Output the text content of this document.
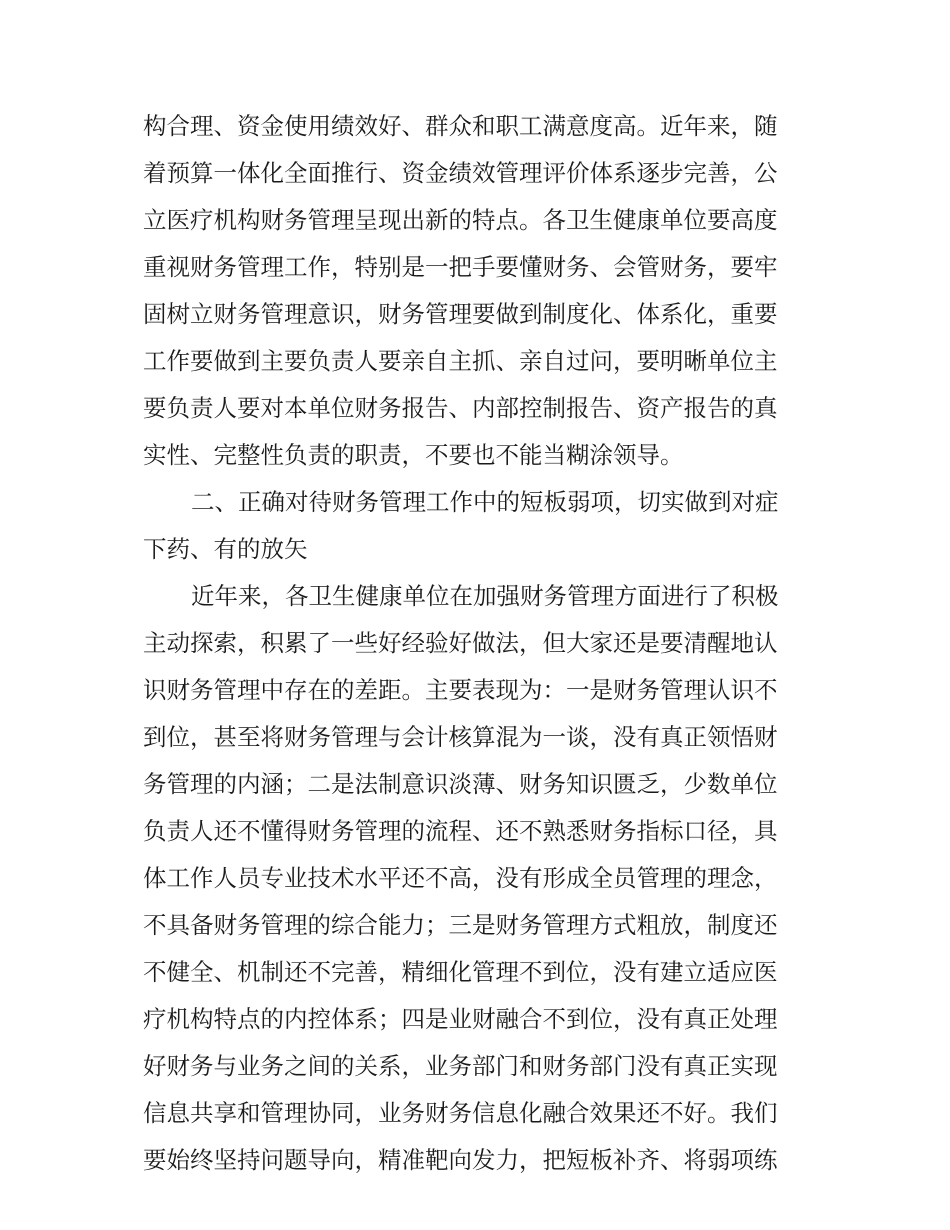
构合理、资金使用绩效好、群众和职工满意度高。近年来，随
着预算一体化全面推行、资金绩效管理评价体系逐步完善，公
立医疗机构财务管理呈现出新的特点。各卫生健康单位要高度
重视财务管理工作，特别是一把手要懂财务、会管财务，要牢
固树立财务管理意识，财务管理要做到制度化、体系化，重要
工作要做到主要负责人要亲自主抓、亲自过问，要明晰单位主
要负责人要对本单位财务报告、内部控制报告、资产报告的真
实性、完整性负责的职责，不要也不能当糊涂领导。
二、正确对待财务管理工作中的短板弱项，切实做到对症
下药、有的放矢
近年来，各卫生健康单位在加强财务管理方面进行了积极
主动探索，积累了一些好经验好做法，但大家还是要清醒地认
识财务管理中存在的差距。主要表现为：一是财务管理认识不
到位，甚至将财务管理与会计核算混为一谈，没有真正领悟财
务管理的内涵；二是法制意识淡薄、财务知识匮乏，少数单位
负责人还不懂得财务管理的流程、还不熟悉财务指标口径，具
体工作人员专业技术水平还不高，没有形成全员管理的理念，
不具备财务管理的综合能力；三是财务管理方式粗放，制度还
不健全、机制还不完善，精细化管理不到位，没有建立适应医
疗机构特点的内控体系；四是业财融合不到位，没有真正处理
好财务与业务之间的关系，业务部门和财务部门没有真正实现
信息共享和管理协同，业务财务信息化融合效果还不好。我们
要始终坚持问题导向，精准靶向发力，把短板补齐、将弱项练
